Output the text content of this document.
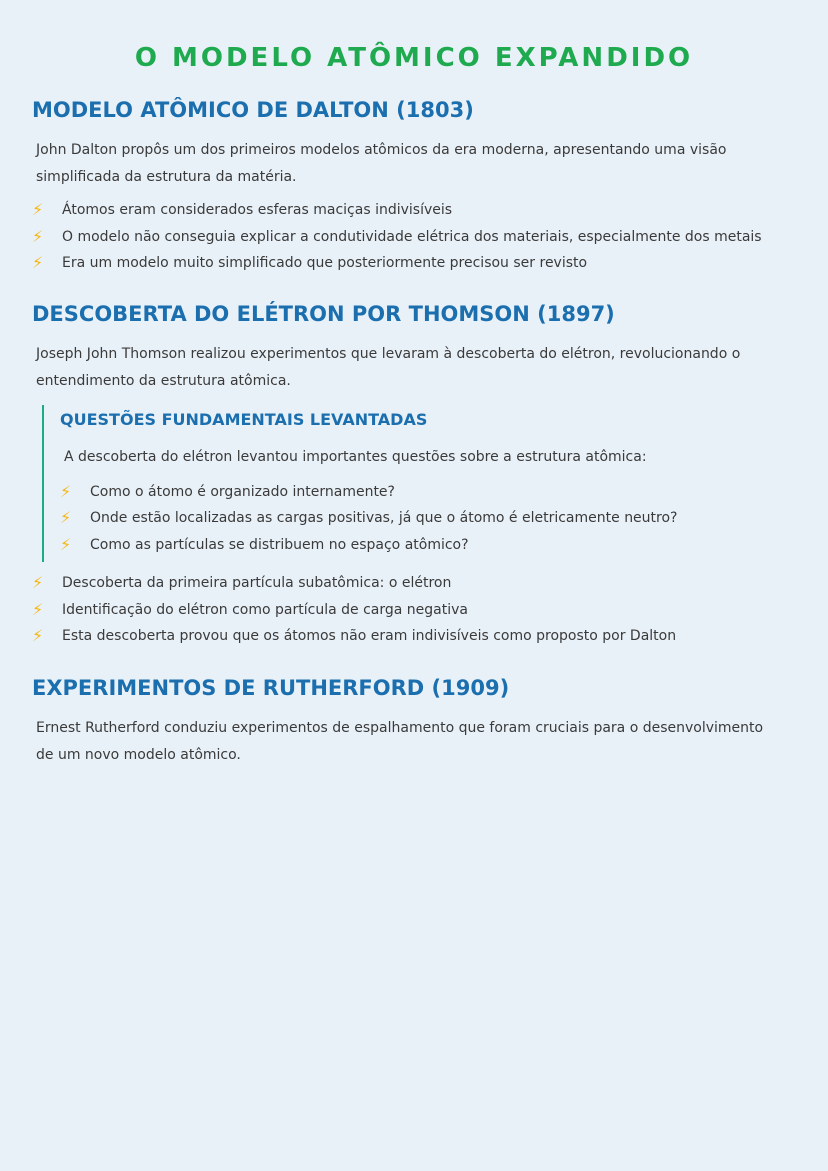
O MODELO ATÔMICO EXPANDIDO
MODELO ATÔMICO DE DALTON (1803)

John Dalton propôs um dos primeiros modelos atômicos da era moderna, apresentando uma visão
simplificada da estrutura da matéria.

⚡	Átomos eram considerados esferas maciças indivisíveis
⚡	O modelo não conseguia explicar a condutividade elétrica dos materiais, especialmente dos metais
⚡	Era um modelo muito simplificado que posteriormente precisou ser revisto
DESCOBERTA DO ELÉTRON POR THOMSON (1897)

Joseph John Thomson realizou experimentos que levaram à descoberta do elétron, revolucionando o
entendimento da estrutura atômica.

QUESTÕES FUNDAMENTAIS LEVANTADAS

A descoberta do elétron levantou importantes questões sobre a estrutura atômica:

⚡	Como o átomo é organizado internamente?
⚡	Onde estão localizadas as cargas positivas, já que o átomo é eletricamente neutro?
⚡	Como as partículas se distribuem no espaço atômico?
⚡	Descoberta da primeira partícula subatômica: o elétron
⚡	Identificação do elétron como partícula de carga negativa
⚡	Esta descoberta provou que os átomos não eram indivisíveis como proposto por Dalton
EXPERIMENTOS DE RUTHERFORD (1909)

Ernest Rutherford conduziu experimentos de espalhamento que foram cruciais para o desenvolvimento
de um novo modelo atômico.
